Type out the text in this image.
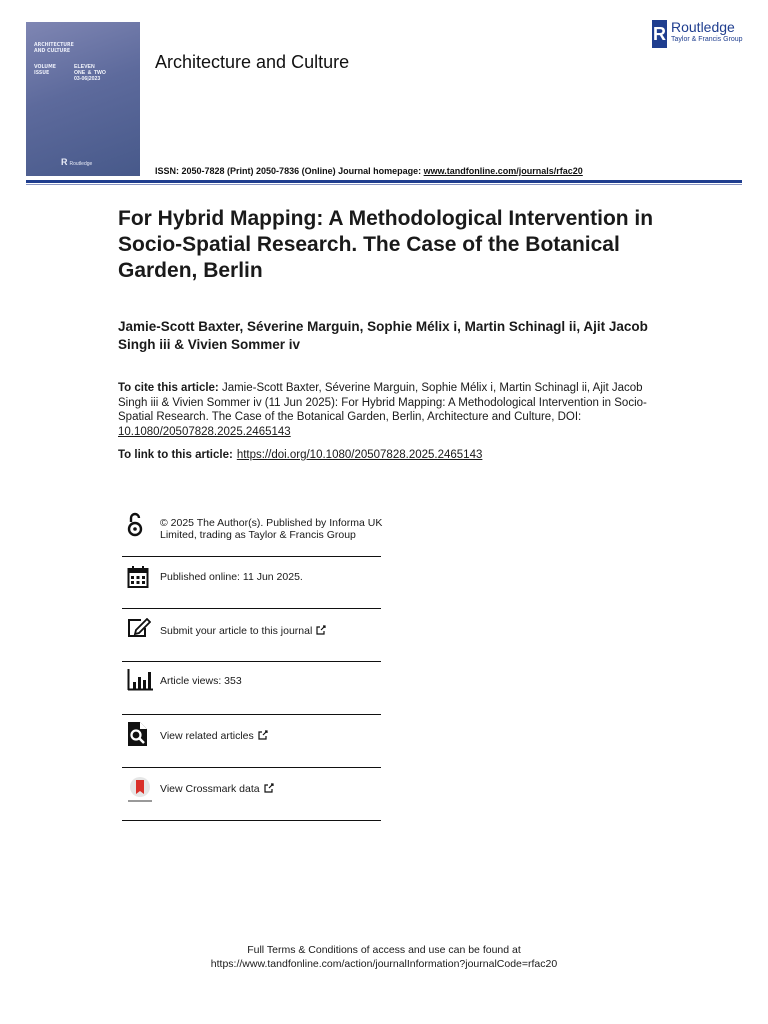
ARCHITECTURE
AND CULTURE
VOLUME
ISSUE
ELEVEN
ONE & TWO
03-06|2023
R Routledge
Architecture and Culture
R Routledge
Taylor & Francis Group
ISSN: 2050-7828 (Print) 2050-7836 (Online) Journal homepage: www.tandfonline.com/journals/rfac20
For Hybrid Mapping: A Methodological Intervention in Socio-Spatial Research. The Case of the Botanical Garden, Berlin
Jamie-Scott Baxter, Séverine Marguin, Sophie Mélix i, Martin Schinagl ii, Ajit Jacob Singh iii & Vivien Sommer iv
To cite this article: Jamie-Scott Baxter, Séverine Marguin, Sophie Mélix i, Martin Schinagl ii, Ajit Jacob Singh iii & Vivien Sommer iv (11 Jun 2025): For Hybrid Mapping: A Methodological Intervention in Socio-Spatial Research. The Case of the Botanical Garden, Berlin, Architecture and Culture, DOI: 10.1080/20507828.2025.2465143
To link to this article: https://doi.org/10.1080/20507828.2025.2465143
© 2025 The Author(s). Published by Informa UK Limited, trading as Taylor & Francis Group
Published online: 11 Jun 2025.
Submit your article to this journal
Article views: 353
View related articles
View Crossmark data
Full Terms & Conditions of access and use can be found at
https://www.tandfonline.com/action/journalInformation?journalCode=rfac20
